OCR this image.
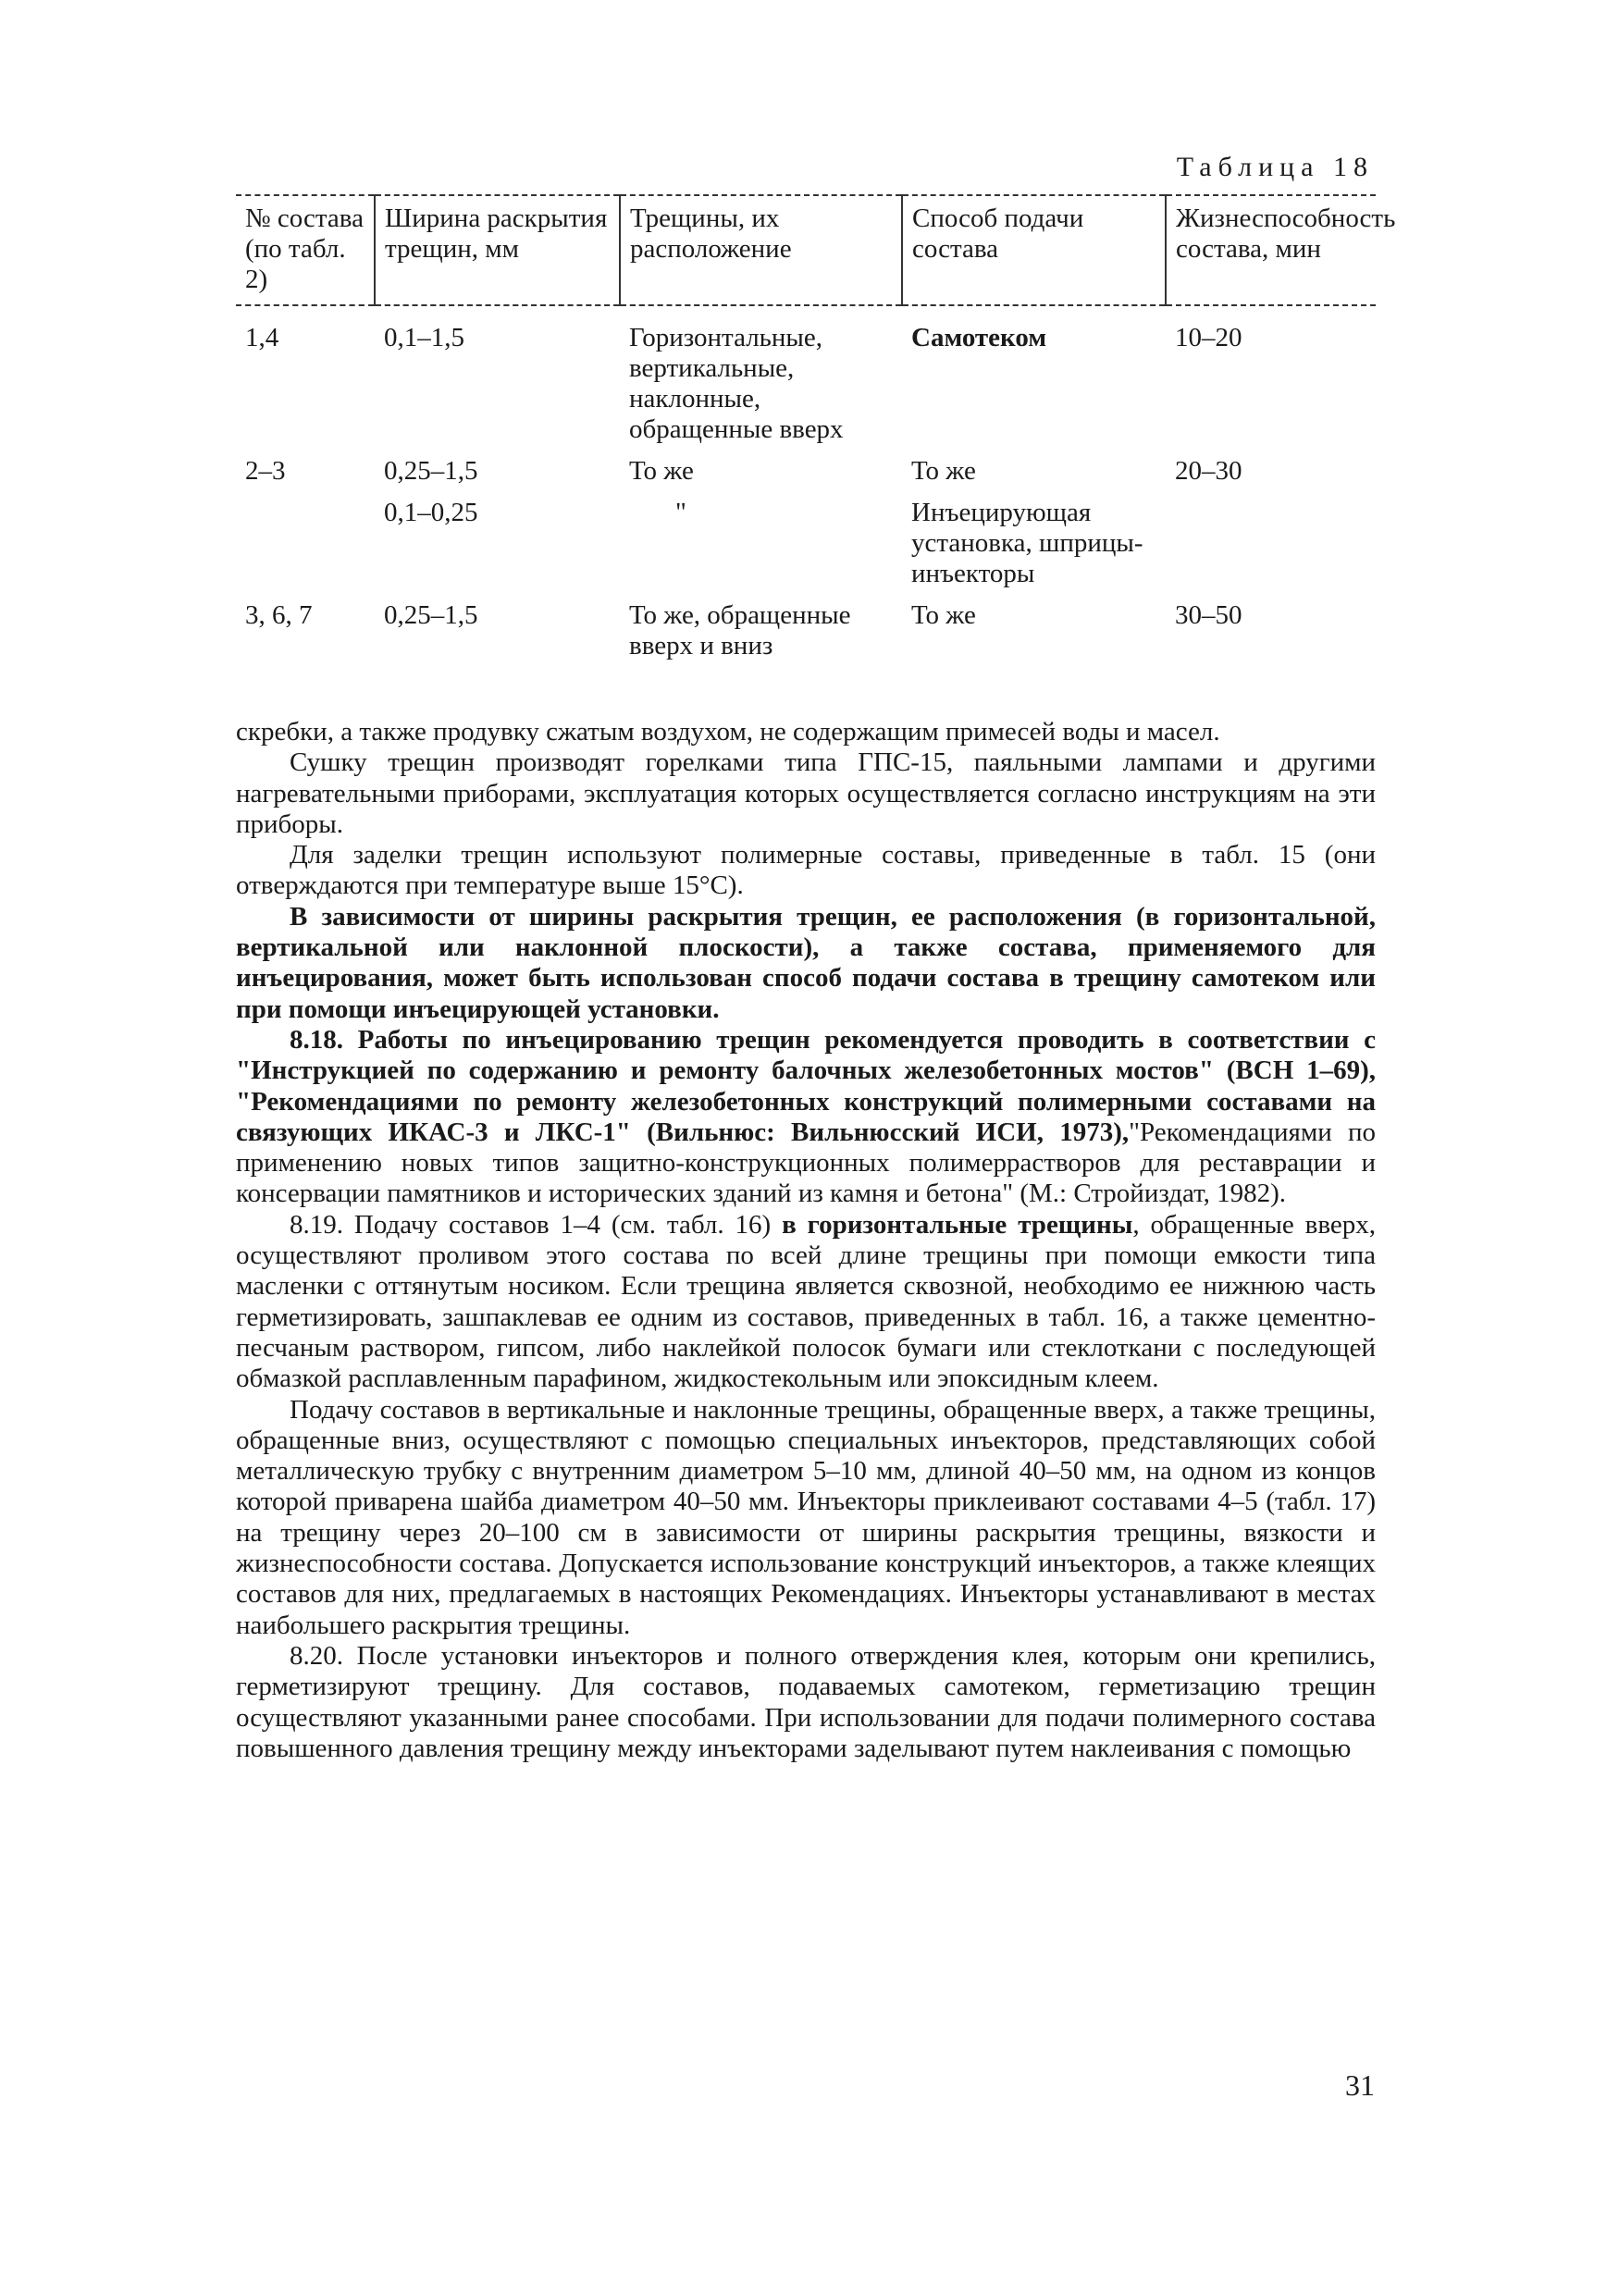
Таблица 18
№ состава (по табл. 2)	Ширина раскрытия трещин, мм	Трещины, их расположение	Способ подачи состава	Жизнеспособность состава, мин
1,4	0,1–1,5	Горизонтальные, вертикальные, наклонные, обращенные вверх	Самотеком	10–20
2–3	0,25–1,5	То же	То же	20–30
	0,1–0,25	"	Инъецирующая установка, шприцы-инъекторы	
3, 6, 7	0,25–1,5	То же, обращенные вверх и вниз	То же	30–50

скребки, а также продувку сжатым воздухом, не содержащим примесей воды и масел.

Сушку трещин производят горелками типа ГПС-15, паяльными лампами и другими нагревательными приборами, эксплуатация которых осуществляется согласно инструкциям на эти приборы.

Для заделки трещин используют полимерные составы, приведенные в табл. 15 (они отверждаются при температуре выше 15°С).

В зависимости от ширины раскрытия трещин, ее расположения (в горизонтальной, вертикальной или наклонной плоскости), а также состава, применяемого для инъецирования, может быть использован способ подачи состава в трещину самотеком или при помощи инъецирующей установки.

8.18. Работы по инъецированию трещин рекомендуется проводить в соответствии с "Инструкцией по содержанию и ремонту балочных железобетонных мостов" (ВСН 1–69), "Рекомендациями по ремонту железобетонных конструкций полимерными составами на связующих ИКАС-3 и ЛКС-1" (Вильнюс: Вильнюсский ИСИ, 1973),"Рекомендациями по применению новых типов защитно-конструкционных полимеррастворов для реставрации и консервации памятников и исторических зданий из камня и бетона" (М.: Стройиздат, 1982).

8.19. Подачу составов 1–4 (см. табл. 16) в горизонтальные трещины, обращенные вверх, осуществляют проливом этого состава по всей длине трещины при помощи емкости типа масленки с оттянутым носиком. Если трещина является сквозной, необходимо ее нижнюю часть герметизировать, зашпаклевав ее одним из составов, приведенных в табл. 16, а также цементно-песчаным раствором, гипсом, либо наклейкой полосок бумаги или стеклоткани с последующей обмазкой расплавленным парафином, жидкостекольным или эпоксидным клеем.

Подачу составов в вертикальные и наклонные трещины, обращенные вверх, а также трещины, обращенные вниз, осуществляют с помощью специальных инъекторов, представляющих собой металлическую трубку с внутренним диаметром 5–10 мм, длиной 40–50 мм, на одном из концов которой приварена шайба диаметром 40–50 мм. Инъекторы приклеивают составами 4–5 (табл. 17) на трещину через 20–100 см в зависимости от ширины раскрытия трещины, вязкости и жизнеспособности состава. Допускается использование конструкций инъекторов, а также клеящих составов для них, предлагаемых в настоящих Рекомендациях. Инъекторы устанавливают в местах наибольшего раскрытия трещины.

8.20. После установки инъекторов и полного отверждения клея, которым они крепились, герметизируют трещину. Для составов, подаваемых самотеком, герметизацию трещин осуществляют указанными ранее способами. При использовании для подачи полимерного состава повышенного давления трещину между инъекторами заделывают путем наклеивания с помощью

31
